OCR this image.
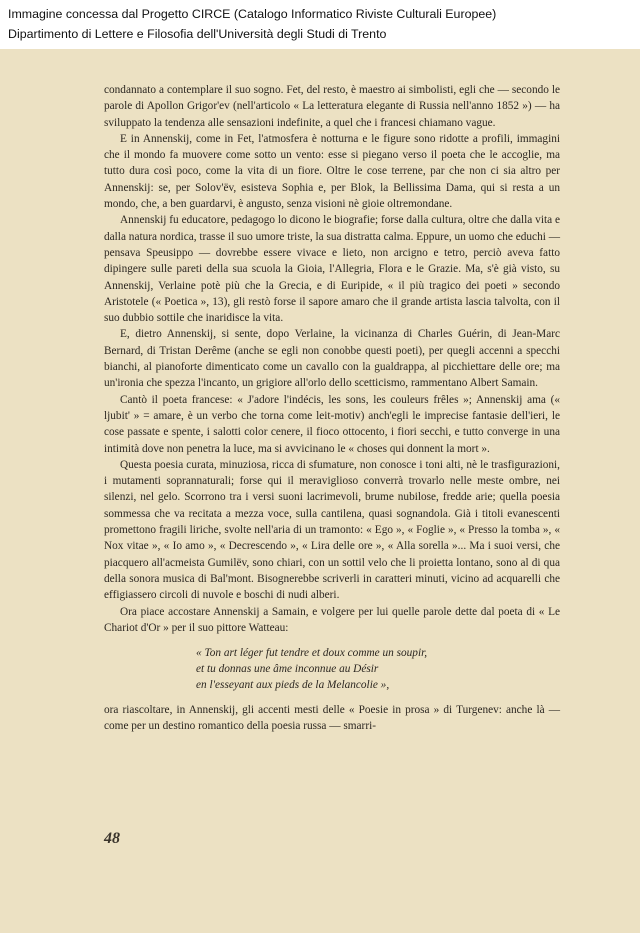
Immagine concessa dal Progetto CIRCE (Catalogo Informatico Riviste Culturali Europee)
Dipartimento di Lettere e Filosofia dell'Università degli Studi di Trento

condannato a contemplare il suo sogno. Fet, del resto, è maestro ai simbolisti, egli che — secondo le parole di Apollon Grigor'ev (nell'articolo « La letteratura elegante di Russia nell'anno 1852 ») — ha sviluppato la tendenza alle sensazioni indefinite, a quel che i francesi chiamano vague.

E in Annenskij, come in Fet, l'atmosfera è notturna e le figure sono ridotte a profili, immagini che il mondo fa muovere come sotto un vento: esse si piegano verso il poeta che le accoglie, ma tutto dura così poco, come la vita di un fiore. Oltre le cose terrene, par che non ci sia altro per Annenskij: se, per Solov'ëv, esisteva Sophia e, per Blok, la Bellissima Dama, qui si resta a un mondo, che, a ben guardarvi, è angusto, senza visioni nè gioie oltremondane.

Annenskij fu educatore, pedagogo lo dicono le biografie; forse dalla cultura, oltre che dalla vita e dalla natura nordica, trasse il suo umore triste, la sua distratta calma. Eppure, un uomo che educhi — pensava Speusippo — dovrebbe essere vivace e lieto, non arcigno e tetro, perciò aveva fatto dipingere sulle pareti della sua scuola la Gioia, l'Allegria, Flora e le Grazie. Ma, s'è già visto, su Annenskij, Verlaine potè più che la Grecia, e di Euripide, « il più tragico dei poeti » secondo Aristotele (« Poetica », 13), gli restò forse il sapore amaro che il grande artista lascia talvolta, con il suo dubbio sottile che inaridisce la vita.

E, dietro Annenskij, si sente, dopo Verlaine, la vicinanza di Charles Guérin, di Jean-Marc Bernard, di Tristan Derême (anche se egli non conobbe questi poeti), per quegli accenni a specchi bianchi, al pianoforte dimenticato come un cavallo con la gualdrappa, al picchiettare delle ore; ma un'ironia che spezza l'incanto, un grigiore all'orlo dello scetticismo, rammentano Albert Samain.

Cantò il poeta francese: « J'adore l'indécis, les sons, les couleurs frêles »; Annenskij ama (« ljubit' » = amare, è un verbo che torna come leit-motiv) anch'egli le imprecise fantasie dell'ieri, le cose passate e spente, i salotti color cenere, il fioco ottocento, i fiori secchi, e tutto converge in una intimità dove non penetra la luce, ma si avvicinano le « choses qui donnent la mort ».

Questa poesia curata, minuziosa, ricca di sfumature, non conosce i toni alti, nè le trasfigurazioni, i mutamenti soprannaturali; forse qui il meraviglioso converrà trovarlo nelle meste ombre, nei silenzi, nel gelo. Scorrono tra i versi suoni lacrimevoli, brume nubilose, fredde arie; quella poesia sommessa che va recitata a mezza voce, sulla cantilena, quasi sognandola. Già i titoli evanescenti promettono fragili liriche, svolte nell'aria di un tramonto: « Ego », « Foglie », « Presso la tomba », « Nox vitae », « Io amo », « Decrescendo », « Lira delle ore », « Alla sorella »... Ma i suoi versi, che piacquero all'acmeista Gumilëv, sono chiari, con un sottil velo che li proietta lontano, sono al di qua della sonora musica di Bal'mont. Bisognerebbe scriverli in caratteri minuti, vicino ad acquarelli che effigiassero circoli di nuvole e boschi di nudi alberi.

Ora piace accostare Annenskij a Samain, e volgere per lui quelle parole dette dal poeta di « Le Chariot d'Or » per il suo pittore Watteau:

« Ton art léger fut tendre et doux comme un soupir,
et tu donnas une âme inconnue au Désir
en l'esseyant aux pieds de la Melancolie »,

ora riascoltare, in Annenskij, gli accenti mesti delle « Poesie in prosa » di Turgenev: anche là — come per un destino romantico della poesia russa — smarri-

48
